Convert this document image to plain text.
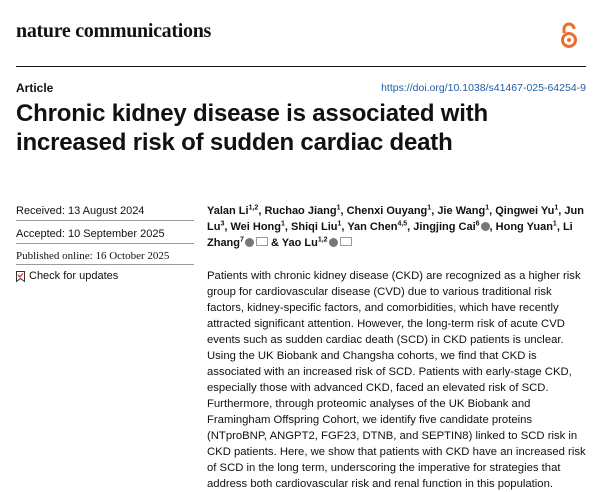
nature communications
Article	https://doi.org/10.1038/s41467-025-64254-9
Chronic kidney disease is associated with increased risk of sudden cardiac death
Received: 13 August 2024
Accepted: 10 September 2025
Published online: 16 October 2025
Check for updates
Yalan Li$^{1,2}$, Ruchao Jiang$^1$, Chenxi Ouyang$^1$, Jie Wang$^1$, Qingwei Yu$^1$, Jun Lu$^3$, Wei Hong$^1$, Shiqi Liu$^1$, Yan Chen$^{4,5}$, Jingjing Cai$^6$ , Hong Yuan$^1$, Li Zhang$^7$ & Yao Lu$^{1,2}$

Patients with chronic kidney disease (CKD) are recognized as a higher risk group for cardiovascular disease (CVD) due to various traditional risk factors, kidney-specific factors, and comorbidities, which have recently attracted significant attention. However, the long-term risk of acute CVD events such as sudden cardiac death (SCD) in CKD patients is unclear. Using the UK Biobank and Changsha cohorts, we find that CKD is associated with an increased risk of SCD. Patients with early-stage CKD, especially those with advanced CKD, faced an elevated risk of SCD. Furthermore, through proteomic analyses of the UK Biobank and Framingham Offspring Cohort, we identify five candidate proteins (NTproBNP, ANGPT2, FGF23, DTNB, and SEPTIN8) linked to SCD risk in CKD patients. Here, we show that patients with CKD have an increased risk of SCD in the long term, underscoring the imperative for strategies that address both cardiovascular risk and renal function in this population.
